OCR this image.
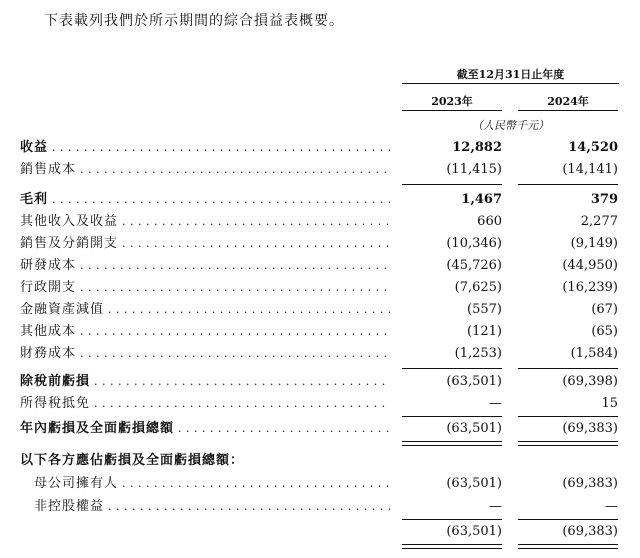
下表載列我們於所示期間的綜合損益表概要。
截至12月31日止年度
2023年	2024年
（人民幣千元）
收益 . . .	12,882	14,520
銷售成本 . . .	(11,415)	(14,141)
毛利 . . .	1,467	379
其他收入及收益 . . .	660	2,277
銷售及分銷開支 . . .	(10,346)	(9,149)
研發成本 . . .	(45,726)	(44,950)
行政開支 . . .	(7,625)	(16,239)
金融資產減值 . . .	(557)	(67)
其他成本 . . .	(121)	(65)
財務成本 . . .	(1,253)	(1,584)
除稅前虧損 . . .	(63,501)	(69,398)
所得稅抵免 . . .	—	15
年內虧損及全面虧損總額 . . .	(63,501)	(69,383)
以下各方應佔虧損及全面虧損總額：
母公司擁有人 . . .	(63,501)	(69,383)
非控股權益 . . .	—	—
(63,501)	(69,383)
